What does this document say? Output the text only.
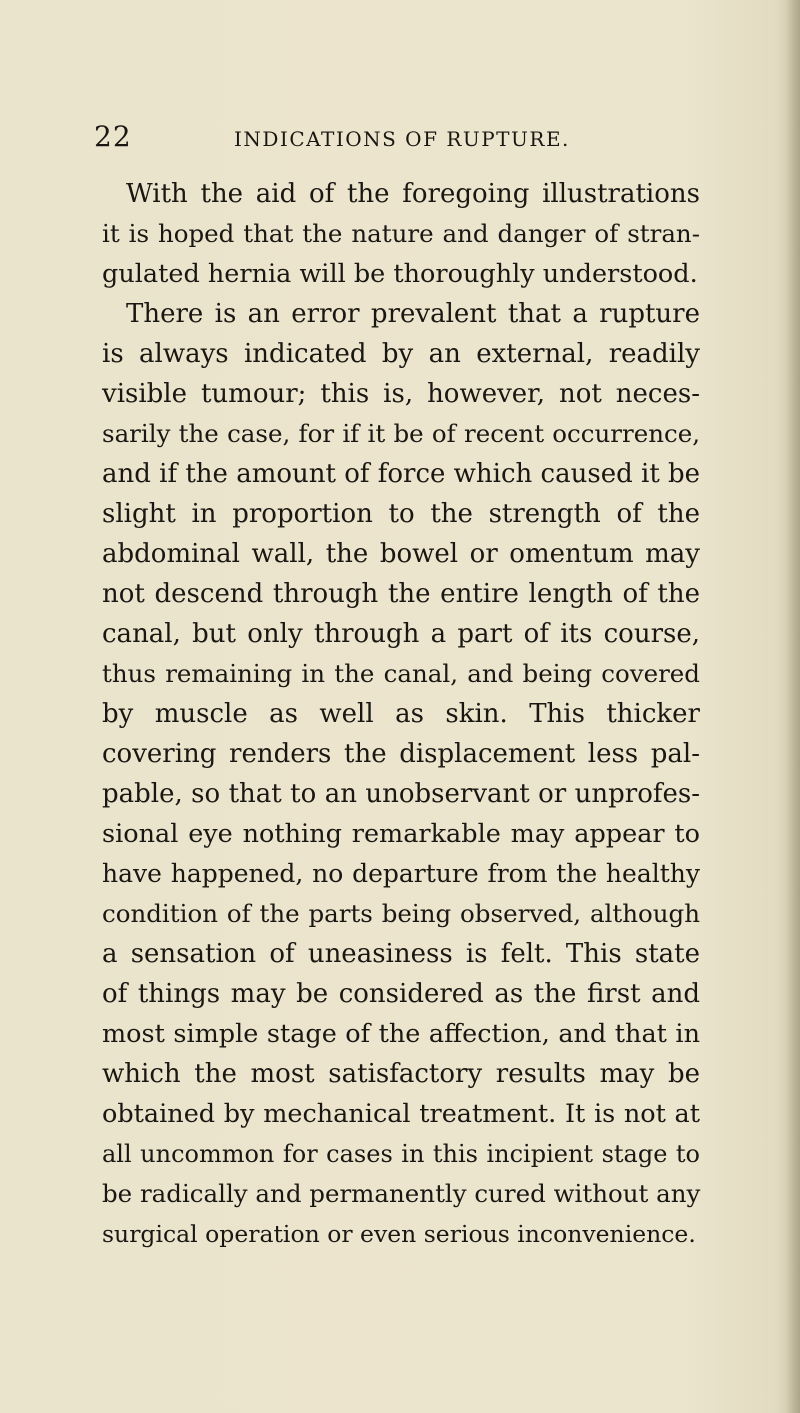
22	INDICATIONS OF RUPTURE.
With the aid of the foregoing illustrations
it is hoped that the nature and danger of stran-
gulated hernia will be thoroughly understood.
There is an error prevalent that a rupture
is always indicated by an external, readily
visible tumour; this is, however, not neces-
sarily the case, for if it be of recent occurrence,
and if the amount of force which caused it be
slight in proportion to the strength of the
abdominal wall, the bowel or omentum may
not descend through the entire length of the
canal, but only through a part of its course,
thus remaining in the canal, and being covered
by muscle as well as skin. This thicker
covering renders the displacement less pal-
pable, so that to an unobservant or unprofes-
sional eye nothing remarkable may appear to
have happened, no departure from the healthy
condition of the parts being observed, although
a sensation of uneasiness is felt. This state
of things may be considered as the first and
most simple stage of the affection, and that in
which the most satisfactory results may be
obtained by mechanical treatment. It is not at
all uncommon for cases in this incipient stage to
be radically and permanently cured without any
surgical operation or even serious inconvenience.
